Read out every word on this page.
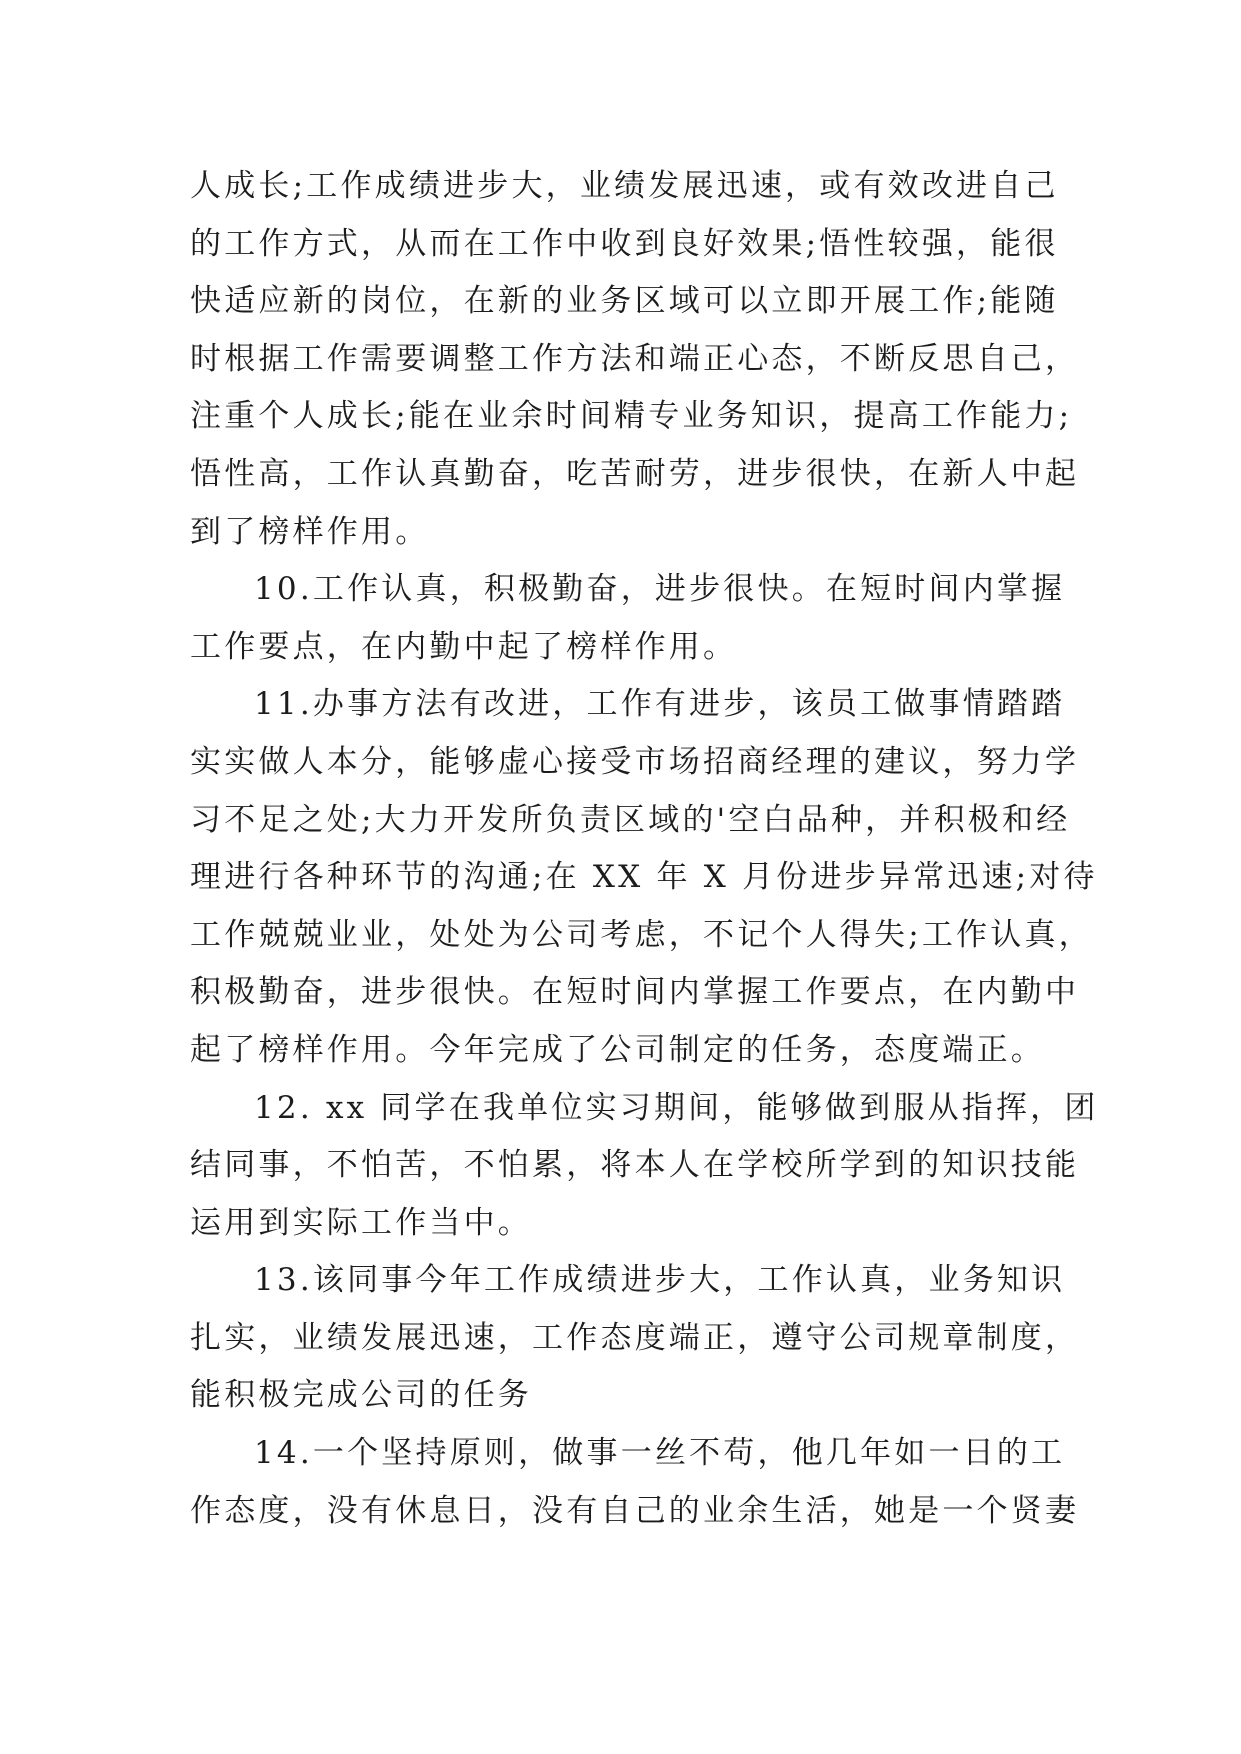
人成长;工作成绩进步大，业绩发展迅速，或有效改进自己
的工作方式，从而在工作中收到良好效果;悟性较强，能很
快适应新的岗位，在新的业务区域可以立即开展工作;能随
时根据工作需要调整工作方法和端正心态，不断反思自己，
注重个人成长;能在业余时间精专业务知识，提高工作能力;
悟性高，工作认真勤奋，吃苦耐劳，进步很快，在新人中起
到了榜样作用。
10.工作认真，积极勤奋，进步很快。在短时间内掌握
工作要点，在内勤中起了榜样作用。
11.办事方法有改进，工作有进步，该员工做事情踏踏
实实做人本分，能够虚心接受市场招商经理的建议，努力学
习不足之处;大力开发所负责区域的'空白品种，并积极和经
理进行各种环节的沟通;在 XX 年 X 月份进步异常迅速;对待
工作兢兢业业，处处为公司考虑，不记个人得失;工作认真，
积极勤奋，进步很快。在短时间内掌握工作要点，在内勤中
起了榜样作用。今年完成了公司制定的任务，态度端正。
12. xx 同学在我单位实习期间，能够做到服从指挥，团
结同事，不怕苦，不怕累，将本人在学校所学到的知识技能
运用到实际工作当中。
13.该同事今年工作成绩进步大，工作认真，业务知识
扎实，业绩发展迅速，工作态度端正，遵守公司规章制度，
能积极完成公司的任务
14.一个坚持原则，做事一丝不苟，他几年如一日的工
作态度，没有休息日，没有自己的业余生活，她是一个贤妻
